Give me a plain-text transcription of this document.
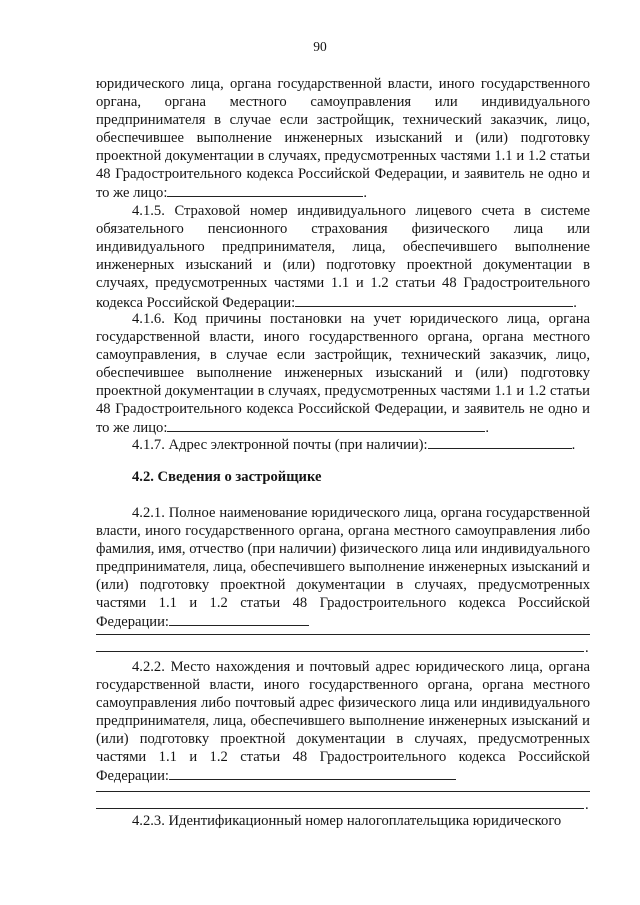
90

юридического лица, органа государственной власти, иного государственного органа, органа местного самоуправления или индивидуального предпринимателя в случае если застройщик, технический заказчик, лицо, обеспечившее выполнение инженерных изысканий и (или) подготовку проектной документации в случаях, предусмотренных частями 1.1 и 1.2 статьи 48 Градостроительного кодекса Российской Федерации, и заявитель не одно и то же лицо:	.

4.1.5. Страховой номер индивидуального лицевого счета в системе обязательного пенсионного страхования физического лица или индивидуального предпринимателя, лица, обеспечившего выполнение инженерных изысканий и (или) подготовку проектной документации в случаях, предусмотренных частями 1.1 и 1.2 статьи 48 Градостроительного кодекса Российской Федерации:	.

4.1.6. Код причины постановки на учет юридического лица, органа государственной власти, иного государственного органа, органа местного самоуправления, в случае если застройщик, технический заказчик, лицо, обеспечившее выполнение инженерных изысканий и (или) подготовку проектной документации в случаях, предусмотренных частями 1.1 и 1.2 статьи 48 Градостроительного кодекса Российской Федерации, и заявитель не одно и то же лицо:	.

4.1.7. Адрес электронной почты (при наличии):	.

4.2. Сведения о застройщике

4.2.1. Полное наименование юридического лица, органа государственной власти, иного государственного органа, органа местного самоуправления либо фамилия, имя, отчество (при наличии) физического лица или индивидуального предпринимателя, лица, обеспечившего выполнение инженерных изысканий и (или) подготовку проектной документации в случаях, предусмотренных частями 1.1 и 1.2 статьи 48 Градостроительного кодекса Российской Федерации:

.

4.2.2. Место нахождения и почтовый адрес юридического лица, органа государственной власти, иного государственного органа, органа местного самоуправления либо почтовый адрес физического лица или индивидуального предпринимателя, лица, обеспечившего выполнение инженерных изысканий и (или) подготовку проектной документации в случаях, предусмотренных частями 1.1 и 1.2 статьи 48 Градостроительного кодекса Российской Федерации:

.

4.2.3. Идентификационный номер налогоплательщика юридического
